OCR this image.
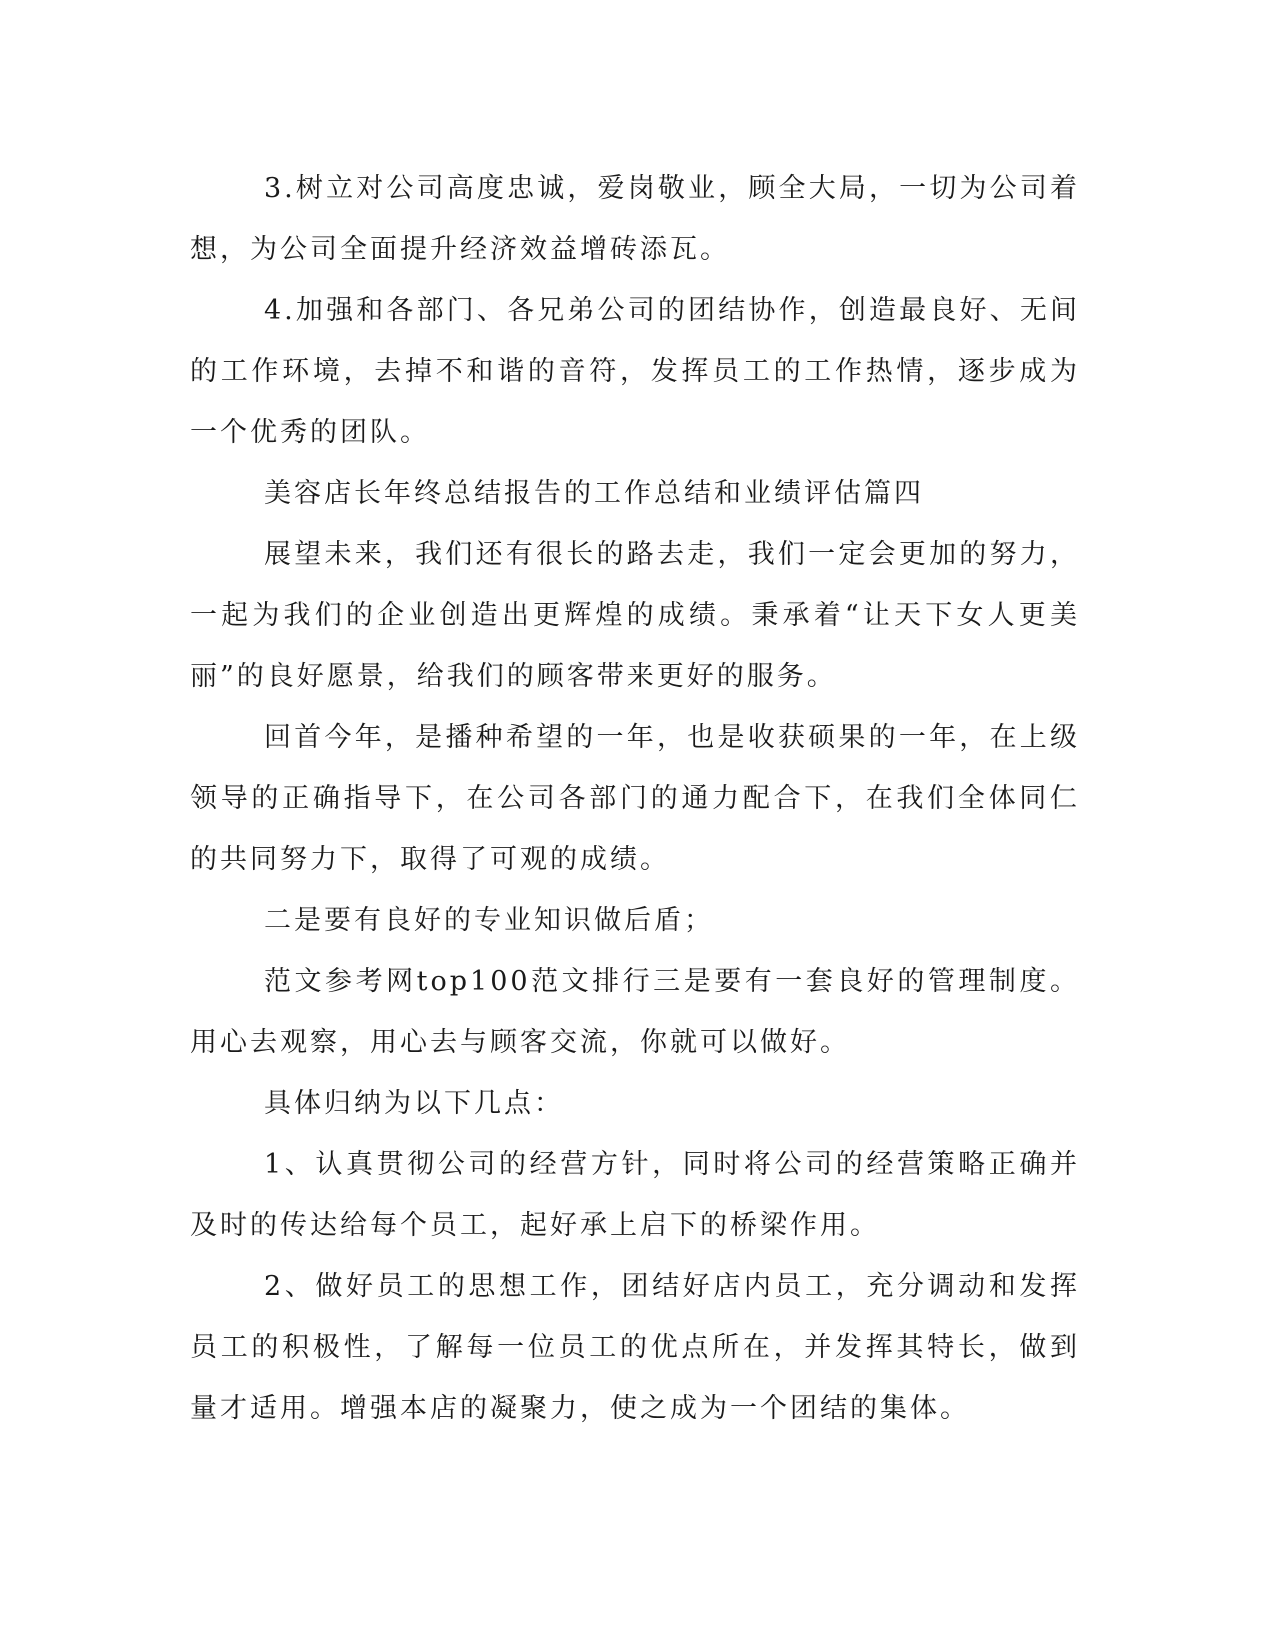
3.树立对公司高度忠诚，爱岗敬业，顾全大局，一切为公司着想，为公司全面提升经济效益增砖添瓦。

4.加强和各部门、各兄弟公司的团结协作，创造最良好、无间的工作环境，去掉不和谐的音符，发挥员工的工作热情，逐步成为一个优秀的团队。

美容店长年终总结报告的工作总结和业绩评估篇四

展望未来，我们还有很长的路去走，我们一定会更加的努力，一起为我们的企业创造出更辉煌的成绩。秉承着“让天下女人更美丽”的良好愿景，给我们的顾客带来更好的服务。

回首今年，是播种希望的一年，也是收获硕果的一年，在上级领导的正确指导下，在公司各部门的通力配合下，在我们全体同仁的共同努力下，取得了可观的成绩。

二是要有良好的专业知识做后盾；

范文参考网top100范文排行三是要有一套良好的管理制度。用心去观察，用心去与顾客交流，你就可以做好。

具体归纳为以下几点：

1、认真贯彻公司的经营方针，同时将公司的经营策略正确并及时的传达给每个员工，起好承上启下的桥梁作用。

2、做好员工的思想工作，团结好店内员工，充分调动和发挥员工的积极性，了解每一位员工的优点所在，并发挥其特长，做到量才适用。增强本店的凝聚力，使之成为一个团结的集体。
